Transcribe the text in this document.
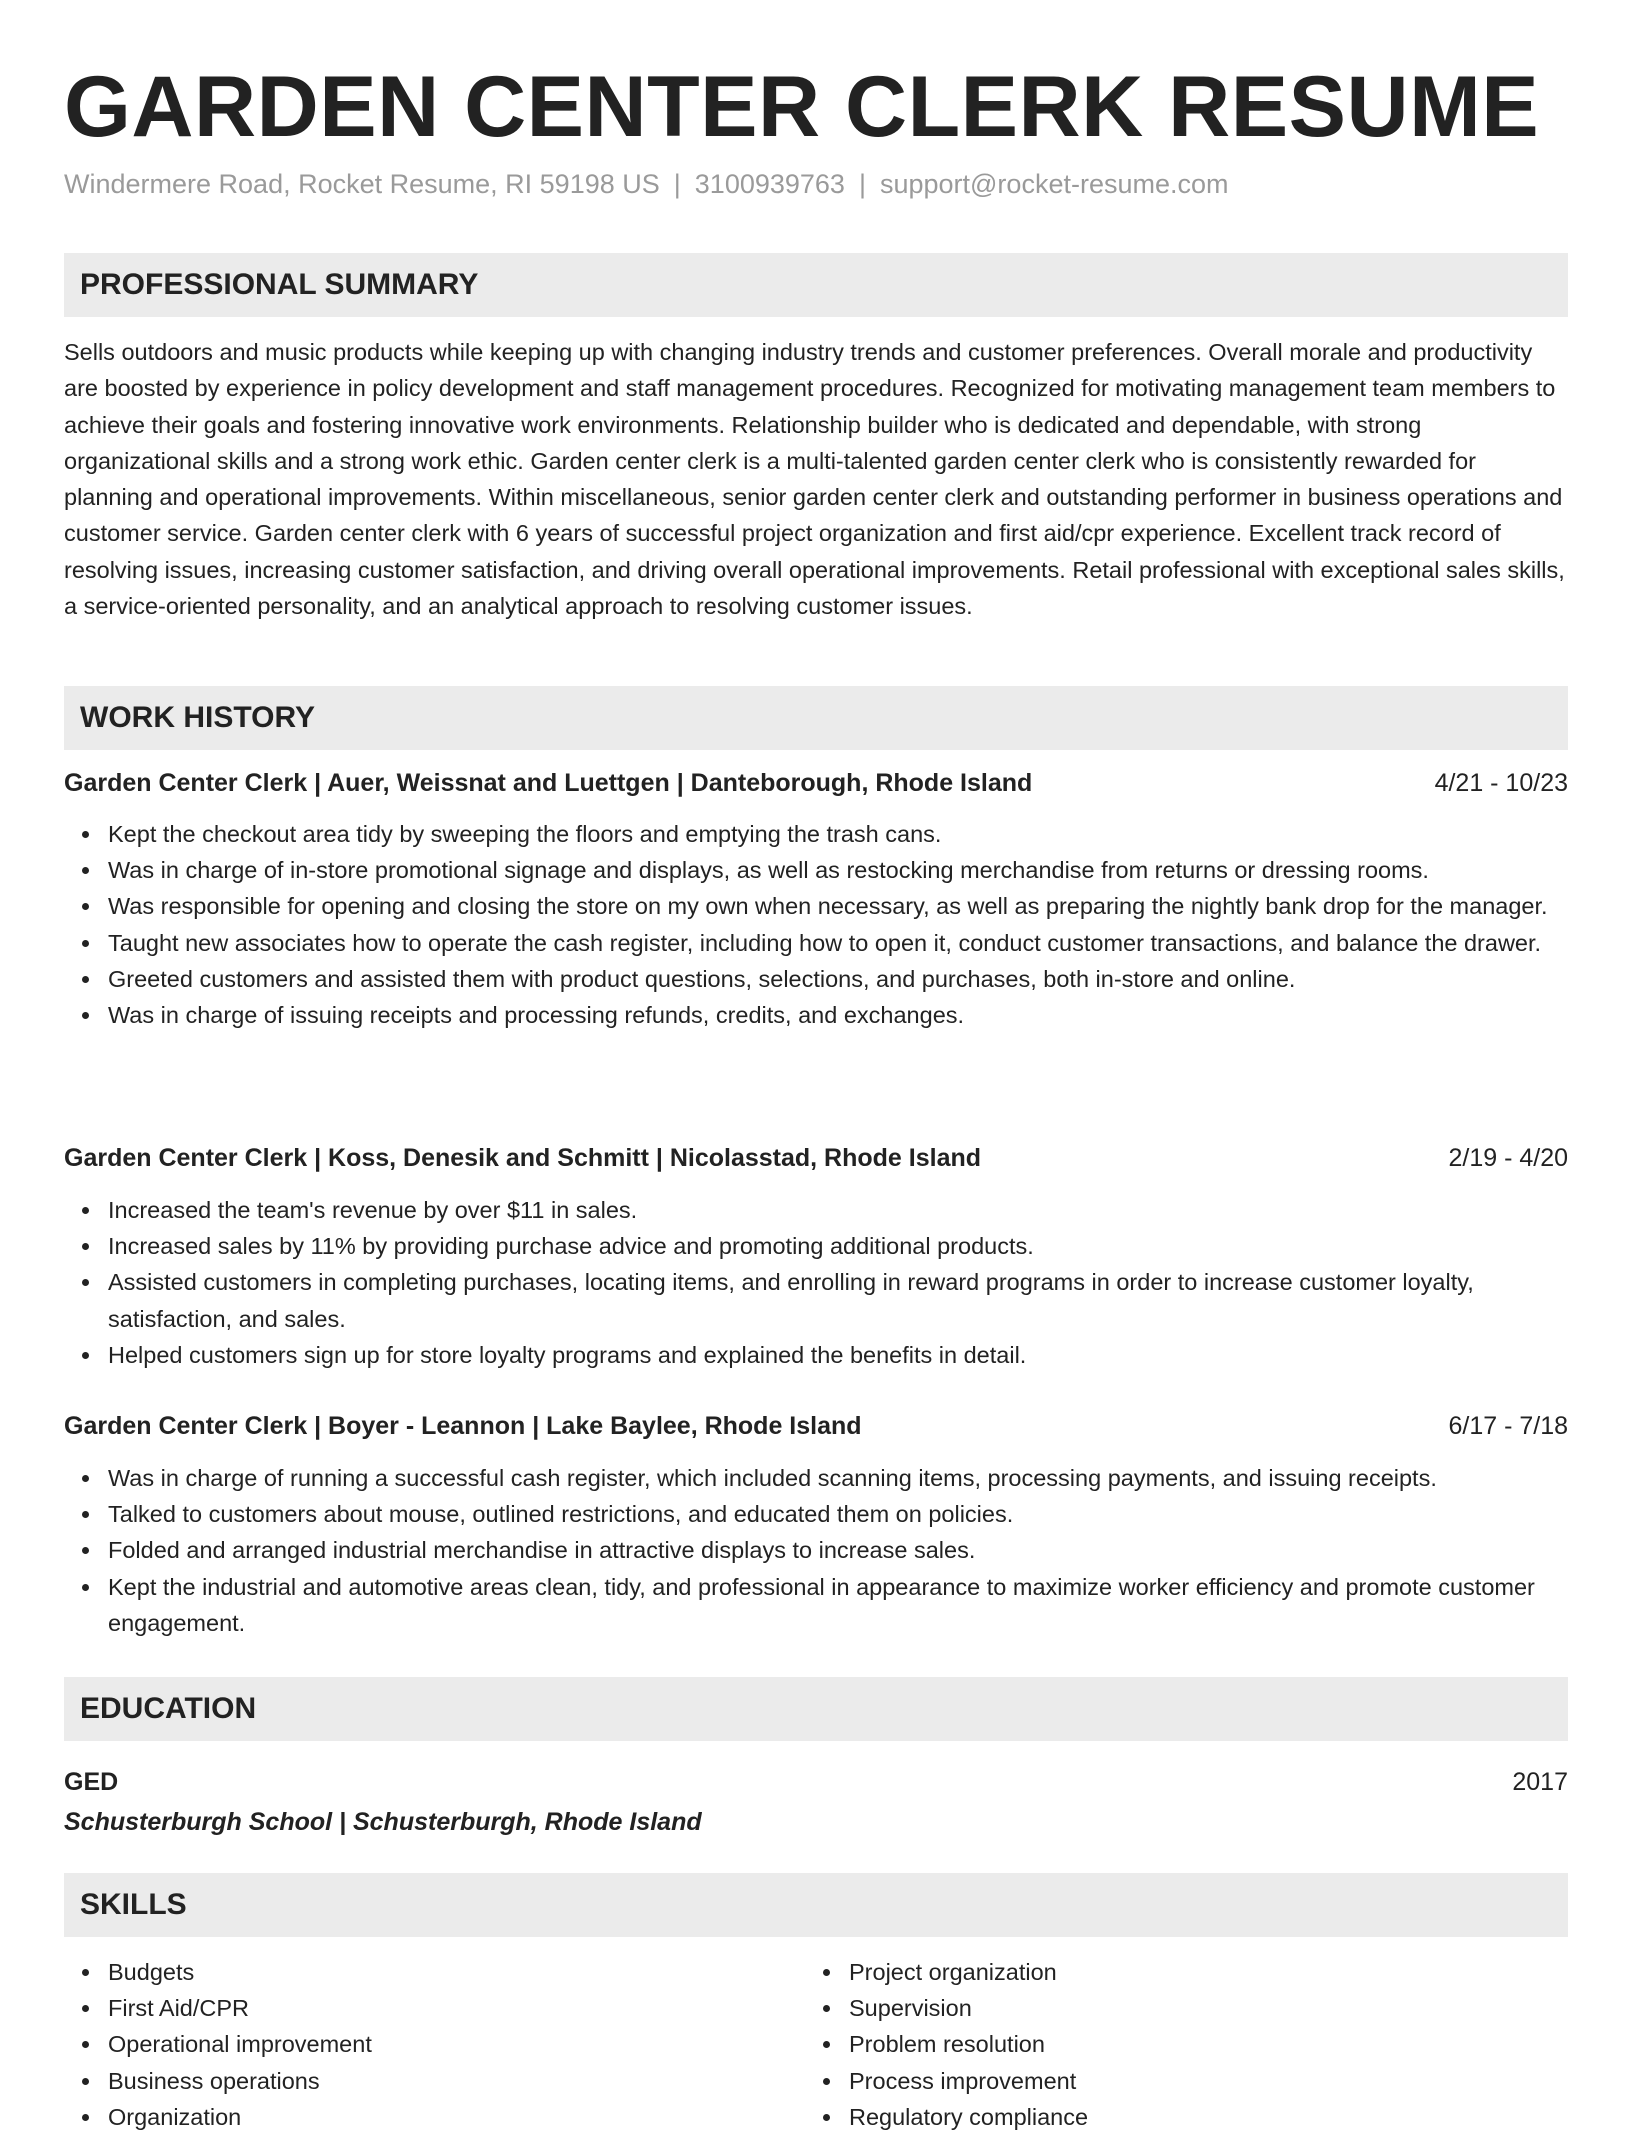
GARDEN CENTER CLERK RESUME
Windermere Road, Rocket Resume, RI 59198 US | 3100939763 | support@rocket-resume.com
PROFESSIONAL SUMMARY

Sells outdoors and music products while keeping up with changing industry trends and customer preferences. Overall morale and productivity are boosted by experience in policy development and staff management procedures. Recognized for motivating management team members to achieve their goals and fostering innovative work environments. Relationship builder who is dedicated and dependable, with strong organizational skills and a strong work ethic. Garden center clerk is a multi-talented garden center clerk who is consistently rewarded for planning and operational improvements. Within miscellaneous, senior garden center clerk and outstanding performer in business operations and customer service. Garden center clerk with 6 years of successful project organization and first aid/cpr experience. Excellent track record of resolving issues, increasing customer satisfaction, and driving overall operational improvements. Retail professional with exceptional sales skills, a service-oriented personality, and an analytical approach to resolving customer issues.

WORK HISTORY
Garden Center Clerk | Auer, Weissnat and Luettgen | Danteborough, Rhode Island	4/21 - 10/23
Kept the checkout area tidy by sweeping the floors and emptying the trash cans.
Was in charge of in-store promotional signage and displays, as well as restocking merchandise from returns or dressing rooms.
Was responsible for opening and closing the store on my own when necessary, as well as preparing the nightly bank drop for the manager.
Taught new associates how to operate the cash register, including how to open it, conduct customer transactions, and balance the drawer.
Greeted customers and assisted them with product questions, selections, and purchases, both in-store and online.
Was in charge of issuing receipts and processing refunds, credits, and exchanges.
Garden Center Clerk | Koss, Denesik and Schmitt | Nicolasstad, Rhode Island	2/19 - 4/20
Increased the team's revenue by over $11 in sales.
Increased sales by 11% by providing purchase advice and promoting additional products.
Assisted customers in completing purchases, locating items, and enrolling in reward programs in order to increase customer loyalty, satisfaction, and sales.
Helped customers sign up for store loyalty programs and explained the benefits in detail.
Garden Center Clerk | Boyer - Leannon | Lake Baylee, Rhode Island	6/17 - 7/18
Was in charge of running a successful cash register, which included scanning items, processing payments, and issuing receipts.
Talked to customers about mouse, outlined restrictions, and educated them on policies.
Folded and arranged industrial merchandise in attractive displays to increase sales.
Kept the industrial and automotive areas clean, tidy, and professional in appearance to maximize worker efficiency and promote customer engagement.
EDUCATION
GED	2017
Schusterburgh School | Schusterburgh, Rhode Island
SKILLS
Budgets
First Aid/CPR
Operational improvement
Business operations
Organization
Project organization
Supervision
Problem resolution
Process improvement
Regulatory compliance
